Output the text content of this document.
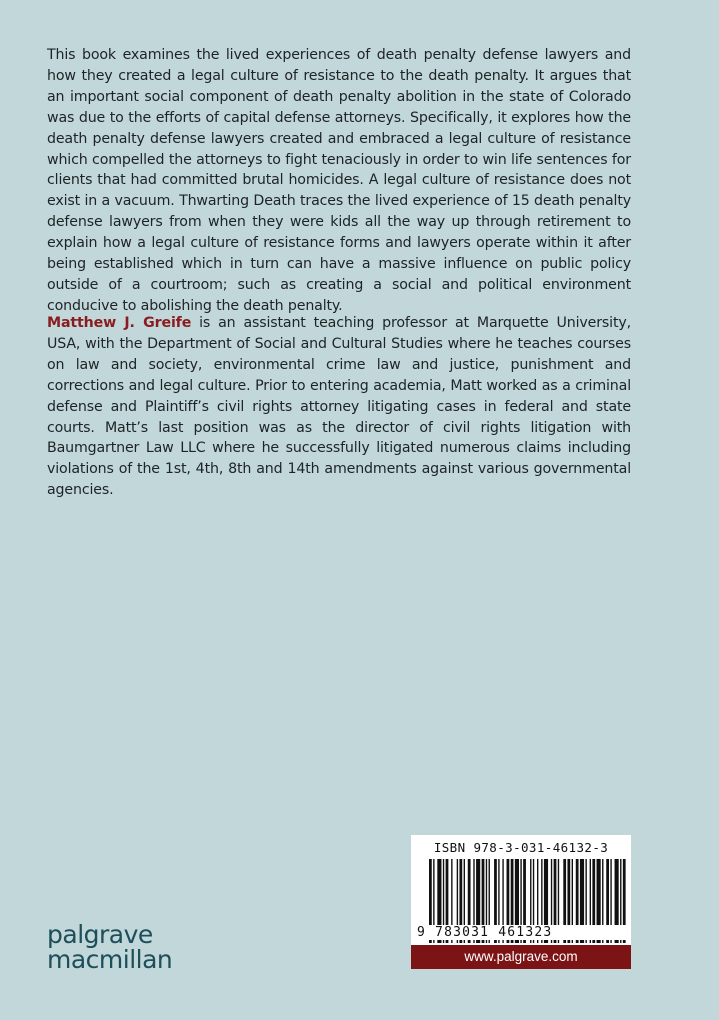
This book examines the lived experiences of death penalty defense lawyers and how they created a legal culture of resistance to the death penalty. It argues that an important social component of death penalty abolition in the state of Colorado was due to the efforts of capital defense attorneys. Specifically, it explores how the death penalty defense lawyers created and embraced a legal culture of resistance which compelled the attorneys to fight tenaciously in order to win life sentences for clients that had committed brutal homicides. A legal culture of resistance does not exist in a vacuum. Thwarting Death traces the lived experience of 15 death penalty defense lawyers from when they were kids all the way up through retirement to explain how a legal culture of resistance forms and lawyers operate within it after being established which in turn can have a massive influence on public policy outside of a courtroom; such as creating a social and political environment conducive to abolishing the death penalty.

Matthew J. Greife is an assistant teaching professor at Marquette University, USA, with the Department of Social and Cultural Studies where he teaches courses on law and society, environmental crime law and justice, punishment and corrections and legal culture. Prior to entering academia, Matt worked as a criminal defense and Plaintiff’s civil rights attorney litigating cases in federal and state courts. Matt’s last position was as the director of civil rights litigation with Baumgartner Law LLC where he successfully litigated numerous claims including violations of the 1st, 4th, 8th and 14th amendments against various governmental agencies.

palgrave
macmillan
ISBN 978-3-031-46132-3
9 783031 461323
www.palgrave.com
